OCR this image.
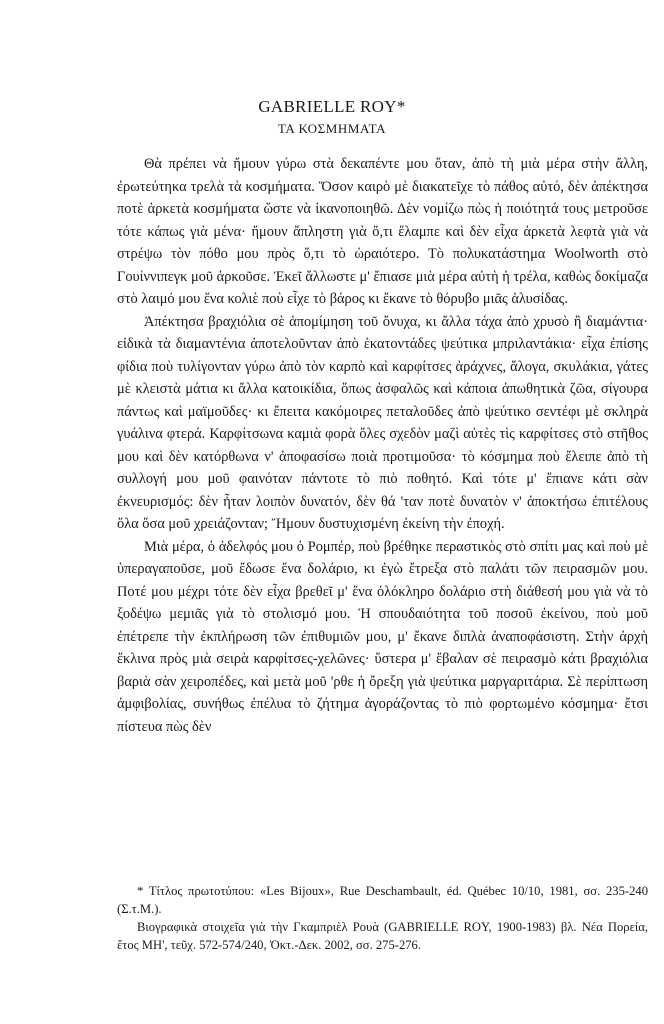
GABRIELLE ROY*
ΤΑ ΚΟΣΜΗΜΑΤΑ

Θὰ πρέπει νὰ ἤμουν γύρω στὰ δεκαπέντε μου ὅταν, ἀπὸ τὴ μιὰ μέρα στὴν ἄλλη, ἐρωτεύτηκα τρελὰ τὰ κοσμήματα. Ὅσον καιρὸ μὲ διακατεῖχε τὸ πάθος αὐτό, δὲν ἀπέκτησα ποτὲ ἀρκετὰ κοσμήματα ὥστε νὰ ἱκανοποιηθῶ. Δὲν νομίζω πὼς ἡ ποιότητά τους μετροῦσε τότε κάπως γιὰ μένα· ἤμουν ἄπληστη γιὰ ὅ,τι ἔλαμπε καὶ δὲν εἶχα ἀρκετὰ λεφτὰ γιὰ νὰ στρέψω τὸν πόθο μου πρὸς ὅ,τι τὸ ὡραιότερο. Τὸ πολυκατάστημα Woolworth στὸ Γουίννιπεγκ μοῦ ἀρκοῦσε. Ἐκεῖ ἄλλωστε μ' ἔπιασε μιὰ μέρα αὐτὴ ἡ τρέλα, καθὼς δοκίμαζα στὸ λαιμό μου ἕνα κολιὲ ποὺ εἶχε τὸ βάρος κι ἔκανε τὸ θόρυβο μιᾶς ἁλυσίδας.

Ἀπέκτησα βραχιόλια σὲ ἀπομίμηση τοῦ ὄνυχα, κι ἄλλα τάχα ἀπὸ χρυσὸ ἢ διαμάντια· εἰδικὰ τὰ διαμαντένια ἀποτελοῦνταν ἀπὸ ἑκατοντάδες ψεύτικα μπριλαντάκια· εἶχα ἐπίσης φίδια ποὺ τυλίγονταν γύρω ἀπὸ τὸν καρπὸ καὶ καρφίτσες ἀράχνες, ἄλογα, σκυλάκια, γάτες μὲ κλειστὰ μάτια κι ἄλλα κατοικίδια, ὅπως ἀσφαλῶς καὶ κάποια ἀπωθητικὰ ζῶα, σίγουρα πάντως καὶ μαϊμοῦδες· κι ἔπειτα κακόμοιρες πεταλοῦδες ἀπὸ ψεύτικο σεντέφι μὲ σκληρὰ γυάλινα φτερά. Καρφίτσωνα καμιὰ φορὰ ὅλες σχεδὸν μαζὶ αὐτὲς τὶς καρφίτσες στὸ στῆθος μου καὶ δὲν κατόρθωνα ν' ἀποφασίσω ποιὰ προτιμοῦσα· τὸ κόσμημα ποὺ ἔλειπε ἀπὸ τὴ συλλογή μου μοῦ φαινόταν πάντοτε τὸ πιὸ ποθητό. Καὶ τότε μ' ἔπιανε κάτι σὰν ἐκνευρισμός: δὲν ἦταν λοιπὸν δυνατόν, δὲν θά 'ταν ποτὲ δυνατὸν ν' ἀποκτήσω ἐπιτέλους ὅλα ὅσα μοῦ χρειάζονταν; Ἤμουν δυστυχισμένη ἐκείνη τὴν ἐποχή.

Μιὰ μέρα, ὁ ἀδελφός μου ὁ Ρομπέρ, ποὺ βρέθηκε περαστικὸς στὸ σπίτι μας καὶ ποὺ μὲ ὑπεραγαποῦσε, μοῦ ἔδωσε ἕνα δολάριο, κι ἐγὼ ἔτρεξα στὸ παλάτι τῶν πειρασμῶν μου. Ποτέ μου μέχρι τότε δὲν εἶχα βρεθεῖ μ' ἕνα ὁλόκληρο δολάριο στὴ διάθεσή μου γιὰ νὰ τὸ ξοδέψω μεμιᾶς γιὰ τὸ στολισμό μου. Ἡ σπουδαιότητα τοῦ ποσοῦ ἐκείνου, ποὺ μοῦ ἐπέτρεπε τὴν ἐκπλήρωση τῶν ἐπιθυμιῶν μου, μ' ἔκανε διπλὰ ἀναποφάσιστη. Στὴν ἀρχὴ ἔκλινα πρὸς μιὰ σειρὰ καρφίτσες-χελῶνες· ὕστερα μ' ἔβαλαν σὲ πειρασμὸ κάτι βραχιόλια βαριὰ σὰν χειροπέδες, καὶ μετὰ μοῦ 'ρθε ἡ ὄρεξη γιὰ ψεύτικα μαργαριτάρια. Σὲ περίπτωση ἀμφιβολίας, συνήθως ἐπέλυα τὸ ζήτημα ἀγοράζοντας τὸ πιὸ φορτωμένο κόσμημα· ἔτσι πίστευα πὼς δὲν

* Τίτλος πρωτοτύπου: «Les Bijoux», Rue Deschambault, éd. Québec 10/10, 1981, σσ. 235-240 (Σ.τ.Μ.).

Βιογραφικὰ στοιχεῖα γιὰ τὴν Γκαμπριὲλ Ρουὰ (GABRIELLE ROY, 1900-1983) βλ. Νέα Πορεία, ἔτος ΜΗ', τεῦχ. 572-574/240, Ὀκτ.-Δεκ. 2002, σσ. 275-276.
